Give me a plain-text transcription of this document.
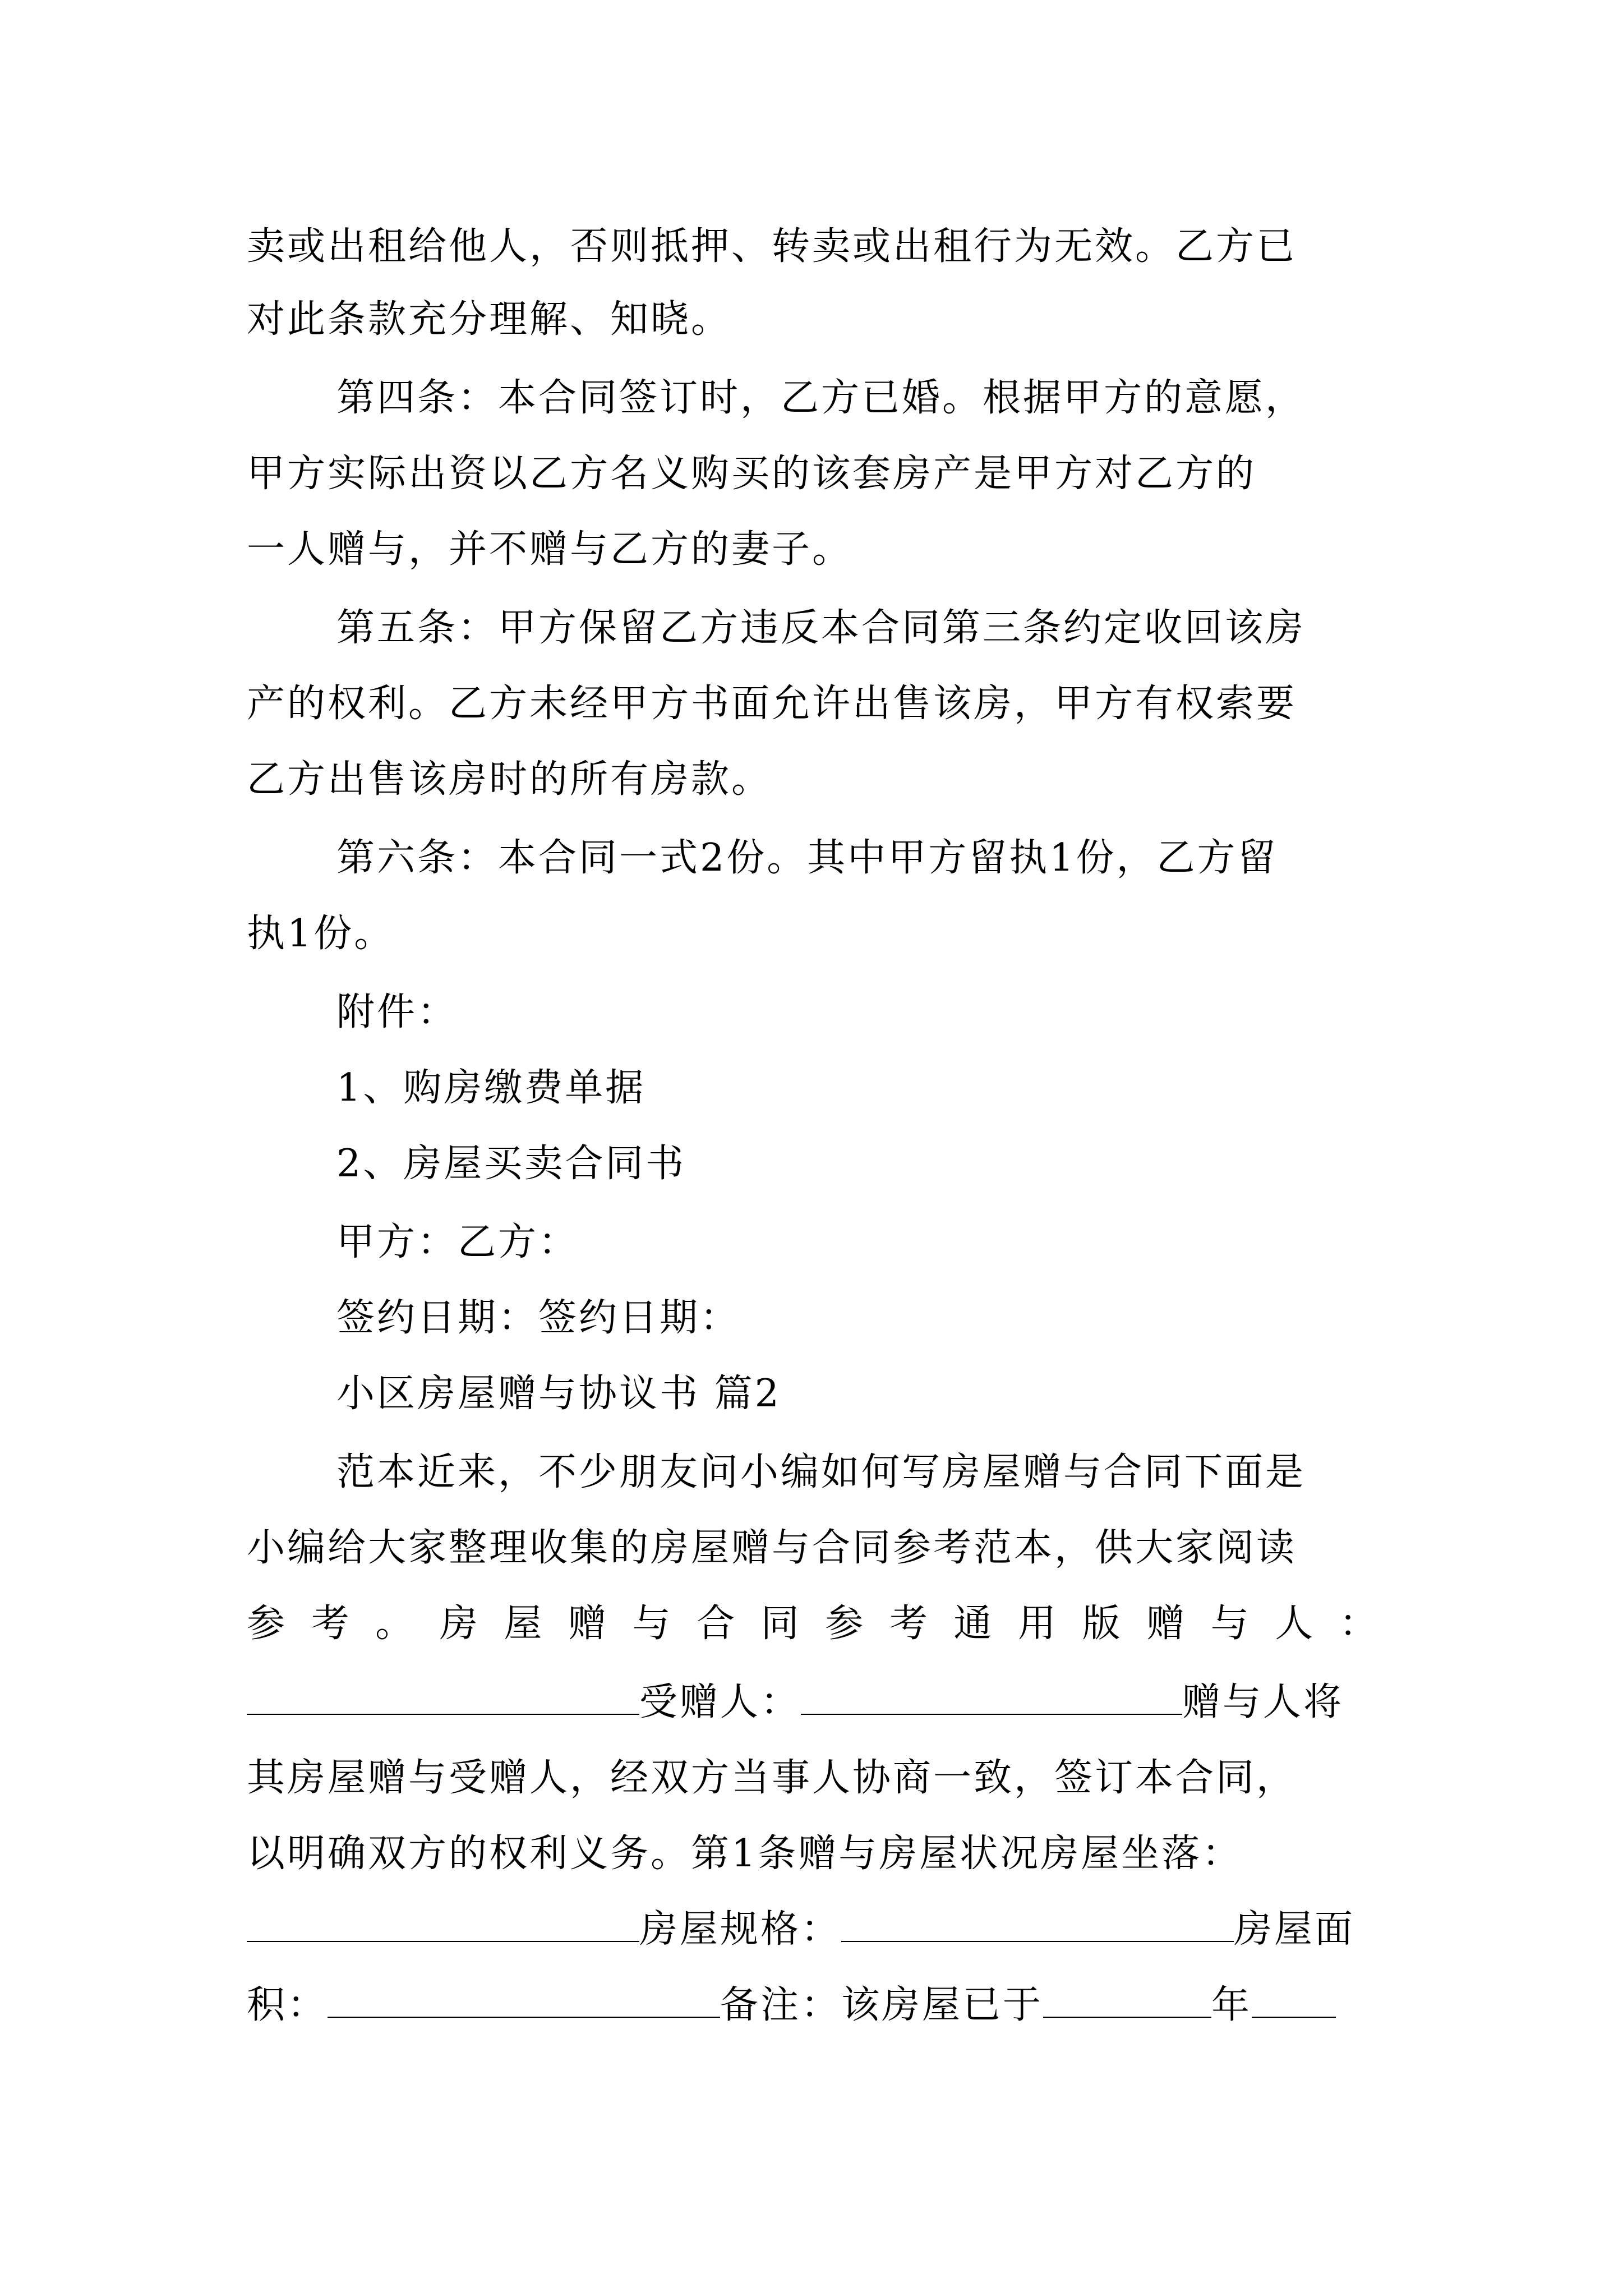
卖或出租给他人，否则抵押、转卖或出租行为无效。乙方已
对此条款充分理解、知晓。
第四条：本合同签订时，乙方已婚。根据甲方的意愿，
甲方实际出资以乙方名义购买的该套房产是甲方对乙方的
一人赠与，并不赠与乙方的妻子。
第五条：甲方保留乙方违反本合同第三条约定收回该房
产的权利。乙方未经甲方书面允许出售该房，甲方有权索要
乙方出售该房时的所有房款。
第六条：本合同一式2份。其中甲方留执1份，乙方留
执1份。
附件：
1、购房缴费单据
2、房屋买卖合同书
甲方：乙方：
签约日期：签约日期：
小区房屋赠与协议书 篇2
范本近来，不少朋友问小编如何写房屋赠与合同下面是
小编给大家整理收集的房屋赠与合同参考范本，供大家阅读
参 考 。 房 屋 赠 与 合 同 参 考 通 用 版 赠 与 人 ：
受赠人：	赠与人将
其房屋赠与受赠人，经双方当事人协商一致，签订本合同，
以明确双方的权利义务。第1条赠与房屋状况房屋坐落：
房屋规格：	房屋面
积：	备注：该房屋已于	年
